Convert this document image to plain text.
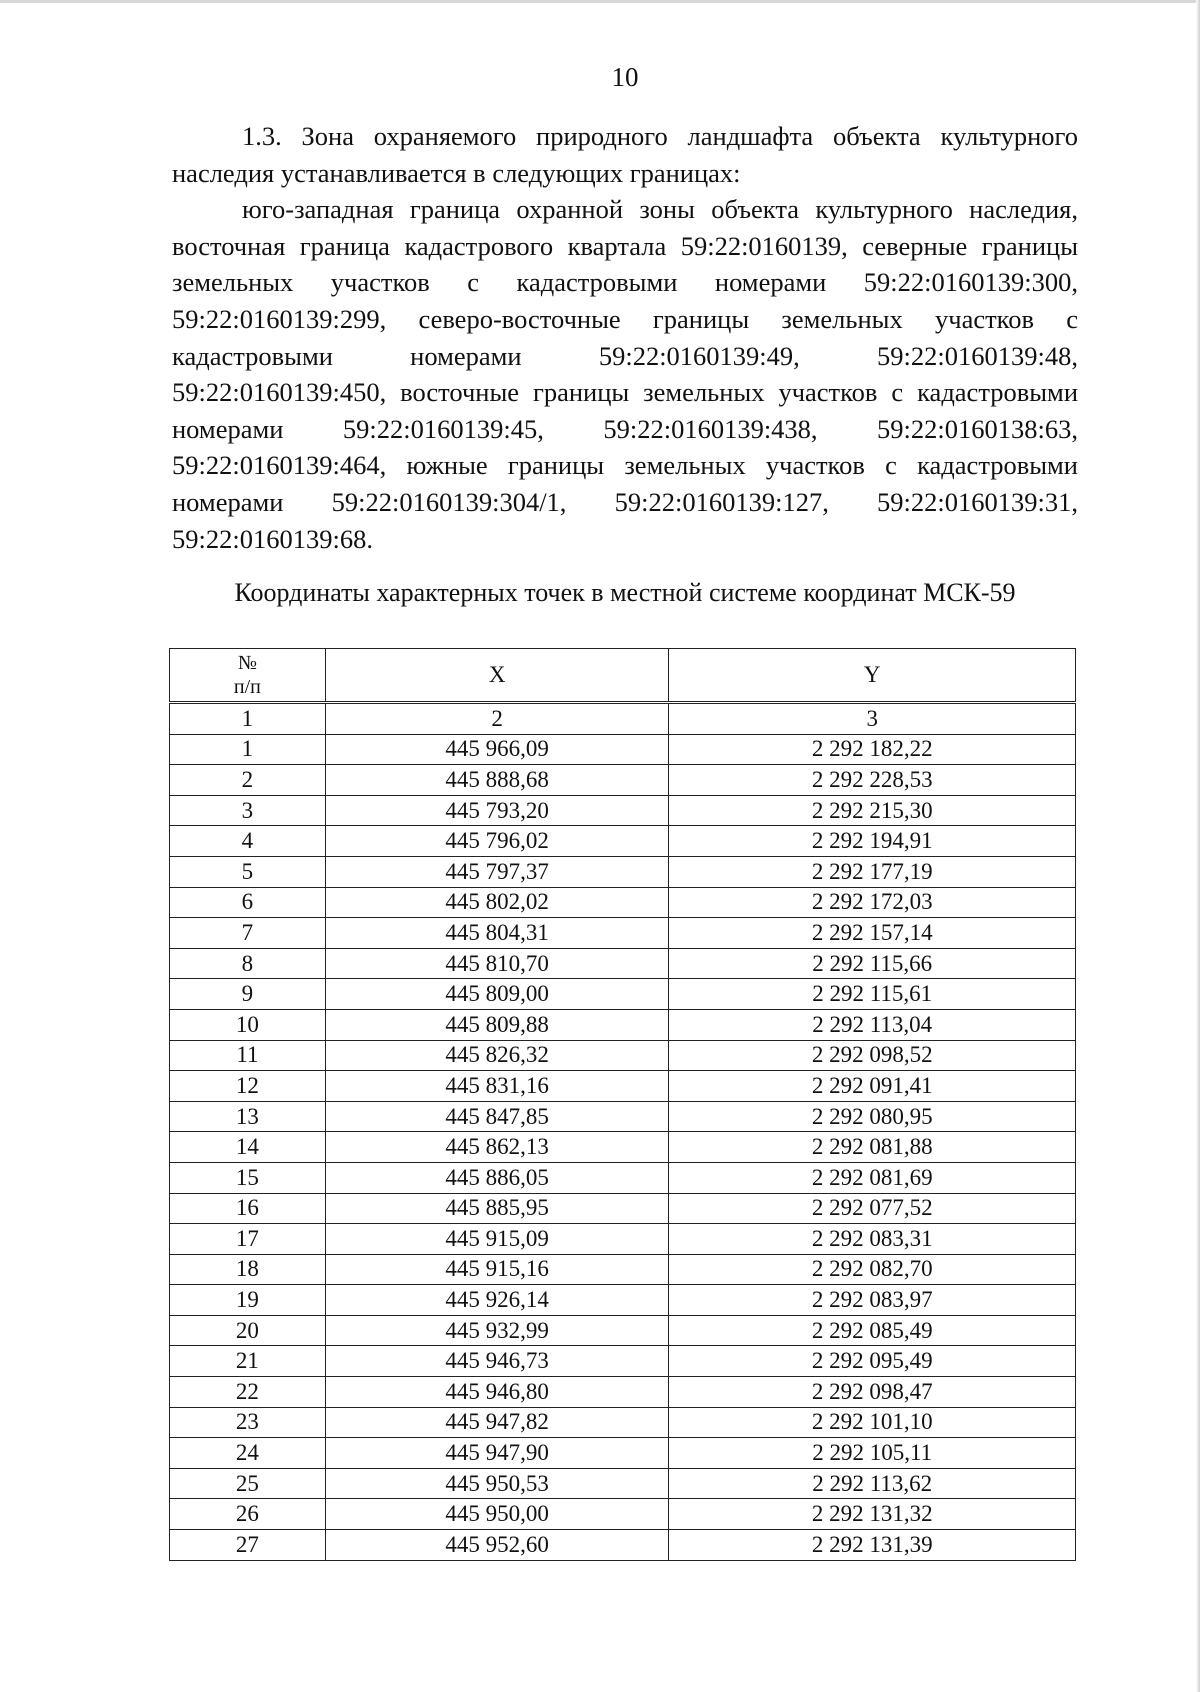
10

1.3. Зона охраняемого природного ландшафта объекта культурного наследия устанавливается в следующих границах:

юго-западная граница охранной зоны объекта культурного наследия, восточная граница кадастрового квартала 59:22:0160139, северные границы земельных участков с кадастровыми номерами 59:22:0160139:300, 59:22:0160139:299, северо-восточные границы земельных участков с кадастровыми номерами 59:22:0160139:49, 59:22:0160139:48, 59:22:0160139:450, восточные границы земельных участков с кадастровыми номерами 59:22:0160139:45, 59:22:0160139:438, 59:22:0160138:63, 59:22:0160139:464, южные границы земельных участков с кадастровыми номерами 59:22:0160139:304/1, 59:22:0160139:127, 59:22:0160139:31, 59:22:0160139:68.

Координаты характерных точек в местной системе координат МСК-59
№
п/п	X	Y
1	2	3
1	445 966,09	2 292 182,22
2	445 888,68	2 292 228,53
3	445 793,20	2 292 215,30
4	445 796,02	2 292 194,91
5	445 797,37	2 292 177,19
6	445 802,02	2 292 172,03
7	445 804,31	2 292 157,14
8	445 810,70	2 292 115,66
9	445 809,00	2 292 115,61
10	445 809,88	2 292 113,04
11	445 826,32	2 292 098,52
12	445 831,16	2 292 091,41
13	445 847,85	2 292 080,95
14	445 862,13	2 292 081,88
15	445 886,05	2 292 081,69
16	445 885,95	2 292 077,52
17	445 915,09	2 292 083,31
18	445 915,16	2 292 082,70
19	445 926,14	2 292 083,97
20	445 932,99	2 292 085,49
21	445 946,73	2 292 095,49
22	445 946,80	2 292 098,47
23	445 947,82	2 292 101,10
24	445 947,90	2 292 105,11
25	445 950,53	2 292 113,62
26	445 950,00	2 292 131,32
27	445 952,60	2 292 131,39
